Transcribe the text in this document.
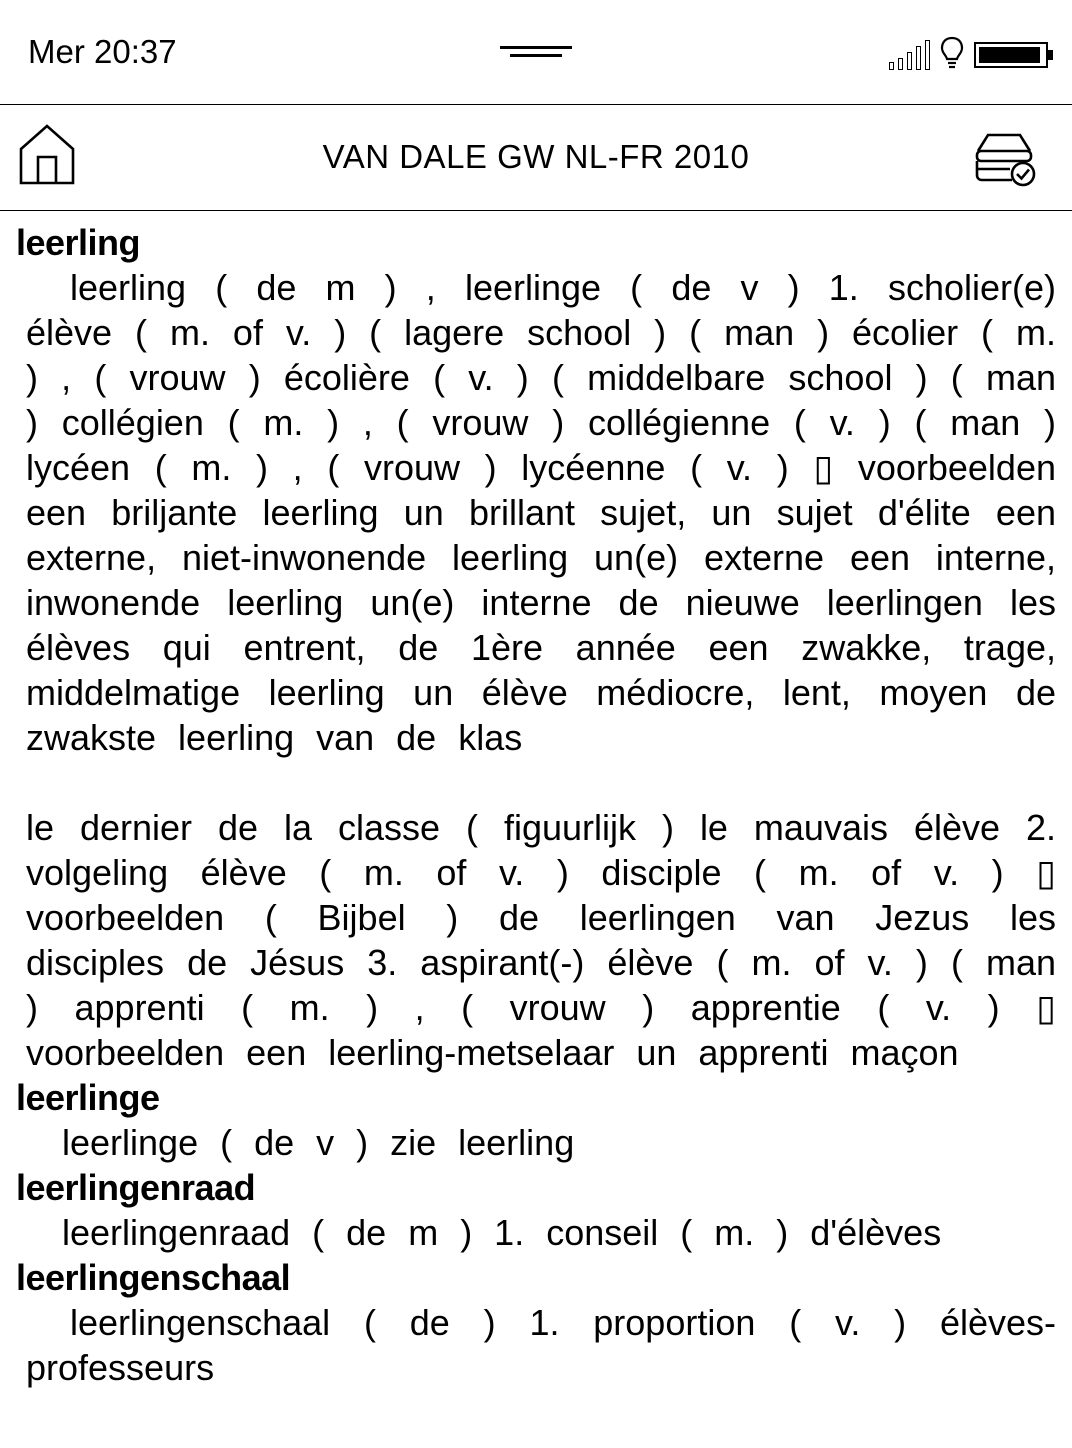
Mer 20:37
VAN DALE GW NL-FR 2010
leerling

leerling ( de m ) , leerlinge ( de v ) 1. scholier(e) élève ( m. of v. ) ( lagere school ) ( man ) écolier ( m. ) , ( vrouw ) écolière ( v. ) ( middelbare school ) ( man ) collégien ( m. ) , ( vrouw ) collégienne ( v. ) ( man ) lycéen ( m. ) , ( vrouw ) lycéenne ( v. ) ▯ voorbeelden een briljante leerling un brillant sujet, un sujet d'élite een externe, niet-inwonende leerling un(e) externe een interne, inwonende leerling un(e) interne de nieuwe leerlingen les élèves qui entrent, de 1ère année een zwakke, trage, middelmatige leerling un élève médiocre, lent, moyen de zwakste leerling van de klas

le dernier de la classe ( figuurlijk ) le mauvais élève 2. volgeling élève ( m. of v. ) disciple ( m. of v. ) ▯ voorbeelden ( Bijbel ) de leerlingen van Jezus les disciples de Jésus 3. aspirant(-) élève ( m. of v. ) ( man ) apprenti ( m. ) , ( vrouw ) apprentie ( v. ) ▯ voorbeelden een leerling-metselaar un apprenti maçon

leerlinge

leerlinge ( de v ) zie leerling

leerlingenraad

leerlingenraad ( de m ) 1. conseil ( m. ) d'élèves

leerlingenschaal

leerlingenschaal ( de ) 1. proportion ( v. ) élèves-professeurs
